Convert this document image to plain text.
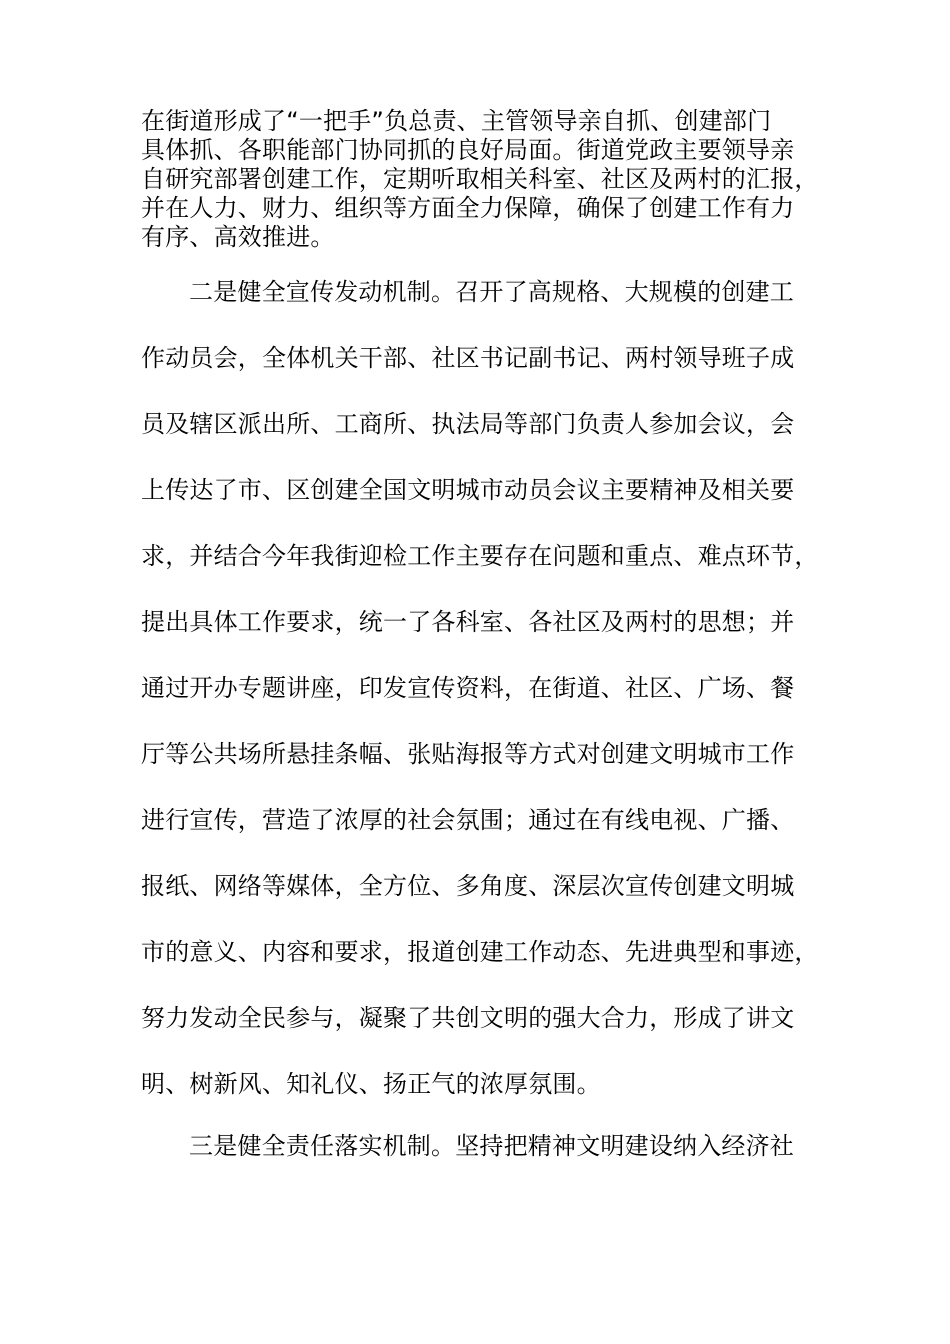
在街道形成了“一把手”负总责、主管领导亲自抓、创建部门
具体抓、各职能部门协同抓的良好局面。街道党政主要领导亲
自研究部署创建工作，定期听取相关科室、社区及两村的汇报，
并在人力、财力、组织等方面全力保障，确保了创建工作有力
有序、高效推进。
二是健全宣传发动机制。召开了高规格、大规模的创建工
作动员会，全体机关干部、社区书记副书记、两村领导班子成
员及辖区派出所、工商所、执法局等部门负责人参加会议，会
上传达了市、区创建全国文明城市动员会议主要精神及相关要
求，并结合今年我街迎检工作主要存在问题和重点、难点环节，
提出具体工作要求，统一了各科室、各社区及两村的思想；并
通过开办专题讲座，印发宣传资料，在街道、社区、广场、餐
厅等公共场所悬挂条幅、张贴海报等方式对创建文明城市工作
进行宣传，营造了浓厚的社会氛围；通过在有线电视、广播、
报纸、网络等媒体，全方位、多角度、深层次宣传创建文明城
市的意义、内容和要求，报道创建工作动态、先进典型和事迹，
努力发动全民参与，凝聚了共创文明的强大合力，形成了讲文
明、树新风、知礼仪、扬正气的浓厚氛围。
三是健全责任落实机制。坚持把精神文明建设纳入经济社
